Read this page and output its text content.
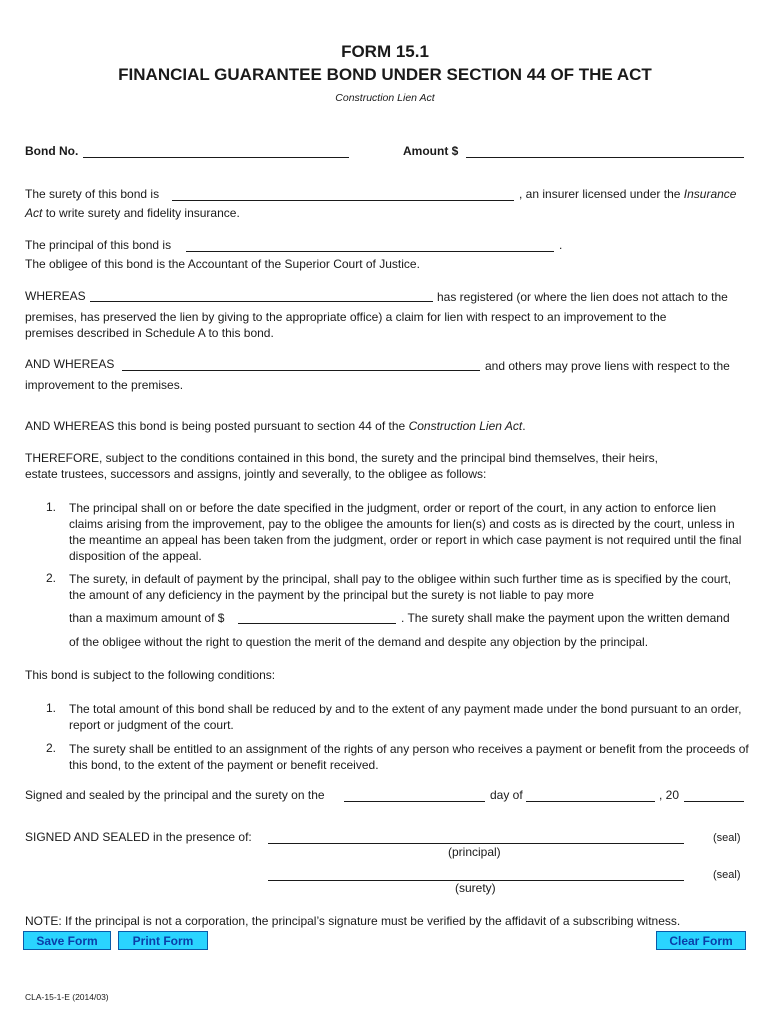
FORM 15.1
FINANCIAL GUARANTEE BOND UNDER SECTION 44 OF THE ACT
Construction Lien Act
Bond No.	Amount $
The surety of this bond is	, an insurer licensed under the Insurance
Act to write surety and fidelity insurance.
The principal of this bond is	.
The obligee of this bond is the Accountant of the Superior Court of Justice.
WHEREAS	has registered (or where the lien does not attach to the
premises, has preserved the lien by giving to the appropriate office) a claim for lien with respect to an improvement to the
premises described in Schedule A to this bond.
AND WHEREAS	and others may prove liens with respect to the
improvement to the premises.
AND WHEREAS this bond is being posted pursuant to section 44 of the Construction Lien Act.
THEREFORE, subject to the conditions contained in this bond, the surety and the principal bind themselves, their heirs,
estate trustees, successors and assigns, jointly and severally, to the obligee as follows:
1. The principal shall on or before the date specified in the judgment, order or report of the court, in any action to enforce lien claims arising from the improvement, pay to the obligee the amounts for lien(s) and costs as is directed by the court, unless in the meantime an appeal has been taken from the judgment, order or report in which case payment is not required until the final disposition of the appeal.
2. The surety, in default of payment by the principal, shall pay to the obligee within such further time as is specified by the court, the amount of any deficiency in the payment by the principal but the surety is not liable to pay more
than a maximum amount of $	. The surety shall make the payment upon the written demand
of the obligee without the right to question the merit of the demand and despite any objection by the principal.
This bond is subject to the following conditions:
1. The total amount of this bond shall be reduced by and to the extent of any payment made under the bond pursuant to an order, report or judgment of the court.
2. The surety shall be entitled to an assignment of the rights of any person who receives a payment or benefit from the proceeds of this bond, to the extent of the payment or benefit received.
Signed and sealed by the principal and the surety on the	day of	, 20
SIGNED AND SEALED in the presence of:	(seal)
(principal)
(seal)
(surety)
NOTE: If the principal is not a corporation, the principal’s signature must be verified by the affidavit of a subscribing witness.
Save Form	Print Form	Clear Form
CLA-15-1-E (2014/03)
